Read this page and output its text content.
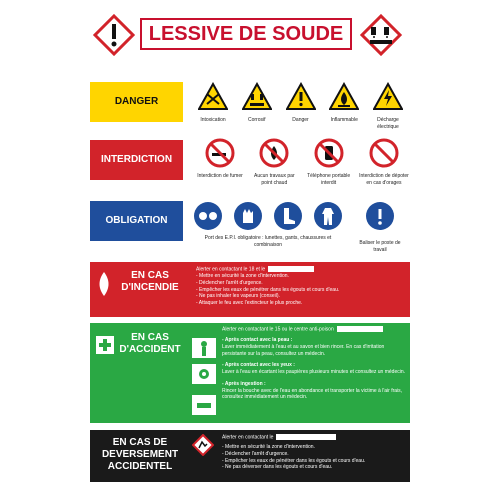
LESSIVE DE SOUDE
DANGER
Intoxication	Corrosif	Danger	Inflammable	Décharge électrique
INTERDICTION
Interdiction de fumer	Aucun travaux par point chaud
Téléphone portable interdit
Interdiction de dépoter en cas d'orages
OBLIGATION
Port des E.P.I. obligatoire : lunettes, gants, chaussures et combinaison	Baliser le poste de travail
EN CAS
D'INCENDIE
Alerter en contactant le 18 et le
- Mettre en sécurité la zone d'intervention.
- Déclencher l'arrêt d'urgence.
- Empêcher les eaux de pénétrer dans les égouts et cours d'eau.
- Ne pas inhaler les vapeurs (conseil).
- Attaquer le feu avec l'extincteur le plus proche.
EN CAS
D'ACCIDENT
Alerter en contactant le 15 ou le centre anti-poison
- Après contact avec la peau :
Laver immédiatement à l'eau et au savon et bien rincer. En cas d'irritation persistante sur la peau, consultez un médecin.
- Après contact avec les yeux :
Laver à l'eau en écartant les paupières plusieurs minutes et consultez un médecin.
- Après ingestion :
Rincer la bouche avec de l'eau en abondance et transporter la victime à l'air frais, consultez immédiatement un médecin.
EN CAS DE
DEVERSEMENT
ACCIDENTEL
Alerter en contactant le
- Mettre en sécurité la zone d'intervention.
- Déclencher l'arrêt d'urgence.
- Empêcher les eaux de pénétrer dans les égouts et cours d'eau.
- Ne pas déverser dans les égouts et cours d'eau.
